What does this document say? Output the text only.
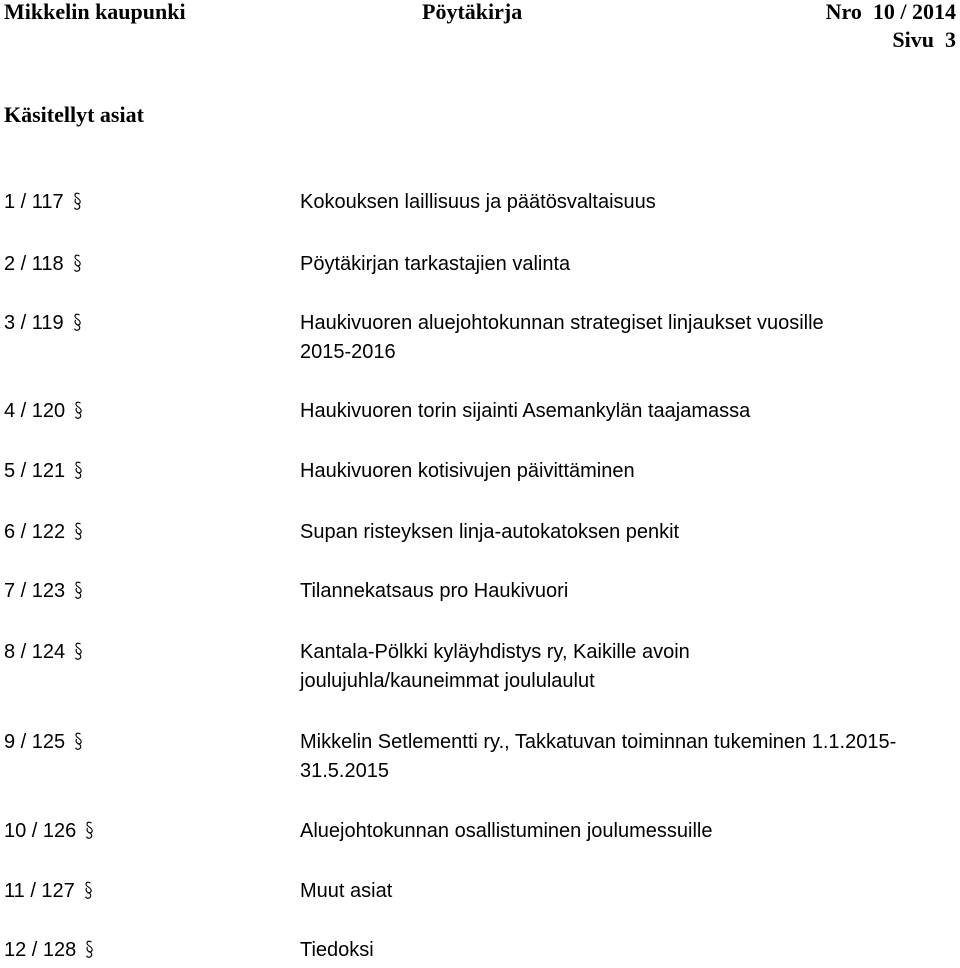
Mikkelin kaupunki	Pöytäkirja	Nro  10 / 2014
Sivu  3
Käsitellyt asiat
1 / 117	Kokouksen laillisuus ja päätösvaltaisuus
2 / 118	Pöytäkirjan tarkastajien valinta
3 / 119	Haukivuoren aluejohtokunnan strategiset linjaukset vuosille 2015-2016
4 / 120	Haukivuoren torin sijainti Asemankylän taajamassa
5 / 121	Haukivuoren kotisivujen päivittäminen
6 / 122	Supan risteyksen linja-autokatoksen penkit
7 / 123	Tilannekatsaus pro Haukivuori
8 / 124	Kantala-Pölkki kyläyhdistys ry, Kaikille avoin joulujuhla/kauneimmat joululaulut
9 / 125	Mikkelin Setlementti ry., Takkatuvan toiminnan tukeminen 1.1.2015-31.5.2015
10 / 126	Aluejohtokunnan osallistuminen joulumessuille
11 / 127	Muut asiat
12 / 128	Tiedoksi
